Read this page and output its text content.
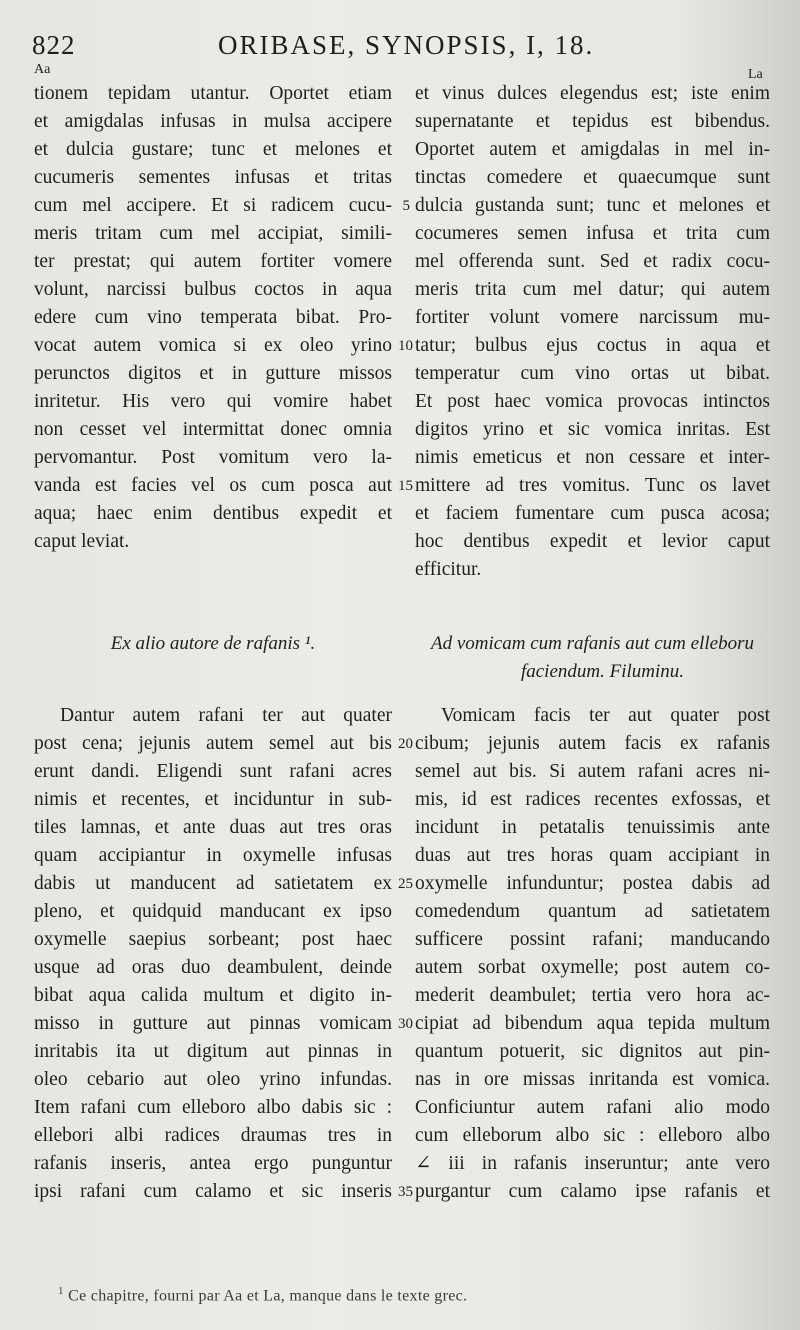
822	ORIBASE, SYNOPSIS, I, 18.
Aa	La
tionem tepidam utantur. Oportet etiam
et amigdalas infusas in mulsa accipere
et dulcia gustare; tunc et melones et
cucumeris sementes infusas et tritas
cum mel accipere. Et si radicem cucu-
meris tritam cum mel accipiat, simili-
ter prestat; qui autem fortiter vomere
volunt, narcissi bulbus coctos in aqua
edere cum vino temperata bibat. Pro-
vocat autem vomica si ex oleo yrino
perunctos digitos et in gutture missos
inritetur. His vero qui vomire habet
non cesset vel intermittat donec omnia
pervomantur. Post vomitum vero la-
vanda est facies vel os cum posca aut
aqua; haec enim dentibus expedit et
caput leviat.
Ex alio autore de rafanis ¹.
Dantur autem rafani ter aut quater
post cena; jejunis autem semel aut bis
erunt dandi. Eligendi sunt rafani acres
nimis et recentes, et inciduntur in sub-
tiles lamnas, et ante duas aut tres oras
quam accipiantur in oxymelle infusas
dabis ut manducent ad satietatem ex
pleno, et quidquid manducant ex ipso
oxymelle saepius sorbeant; post haec
usque ad oras duo deambulent, deinde
bibat aqua calida multum et digito in-
misso in gutture aut pinnas vomicam
inritabis ita ut digitum aut pinnas in
oleo cebario aut oleo yrino infundas.
Item rafani cum elleboro albo dabis sic :
ellebori albi radices draumas tres in
rafanis inseris, antea ergo punguntur
ipsi rafani cum calamo et sic inseris
5
10
15
20
25
30
35
et vinus dulces elegendus est; iste enim
supernatante et tepidus est bibendus.
Oportet autem et amigdalas in mel in-
tinctas comedere et quaecumque sunt
dulcia gustanda sunt; tunc et melones et
cocumeres semen infusa et trita cum
mel offerenda sunt. Sed et radix cocu-
meris trita cum mel datur; qui autem
fortiter volunt vomere narcissum mu-
tatur; bulbus ejus coctus in aqua et
temperatur cum vino ortas ut bibat.
Et post haec vomica provocas intinctos
digitos yrino et sic vomica inritas. Est
nimis emeticus et non cessare et inter-
mittere ad tres vomitus. Tunc os lavet
et faciem fumentare cum pusca acosa;
hoc dentibus expedit et levior caput
efficitur.
Ad vomicam cum rafanis aut cum elleboru
faciendum. Filuminu.
Vomicam facis ter aut quater post
cibum; jejunis autem facis ex rafanis
semel aut bis. Si autem rafani acres ni-
mis, id est radices recentes exfossas, et
incidunt in petatalis tenuissimis ante
duas aut tres horas quam accipiant in
oxymelle infunduntur; postea dabis ad
comedendum quantum ad satietatem
sufficere possint rafani; manducando
autem sorbat oxymelle; post autem co-
mederit deambulet; tertia vero hora ac-
cipiat ad bibendum aqua tepida multum
quantum potuerit, sic dignitos aut pin-
nas in ore missas inritanda est vomica.
Conficiuntur autem rafani alio modo
cum elleborum albo sic : elleboro albo
∠ iii in rafanis inseruntur; ante vero
purgantur cum calamo ipse rafanis et
$^1$ Ce chapitre, fourni par Aa et La, manque dans le texte grec.
